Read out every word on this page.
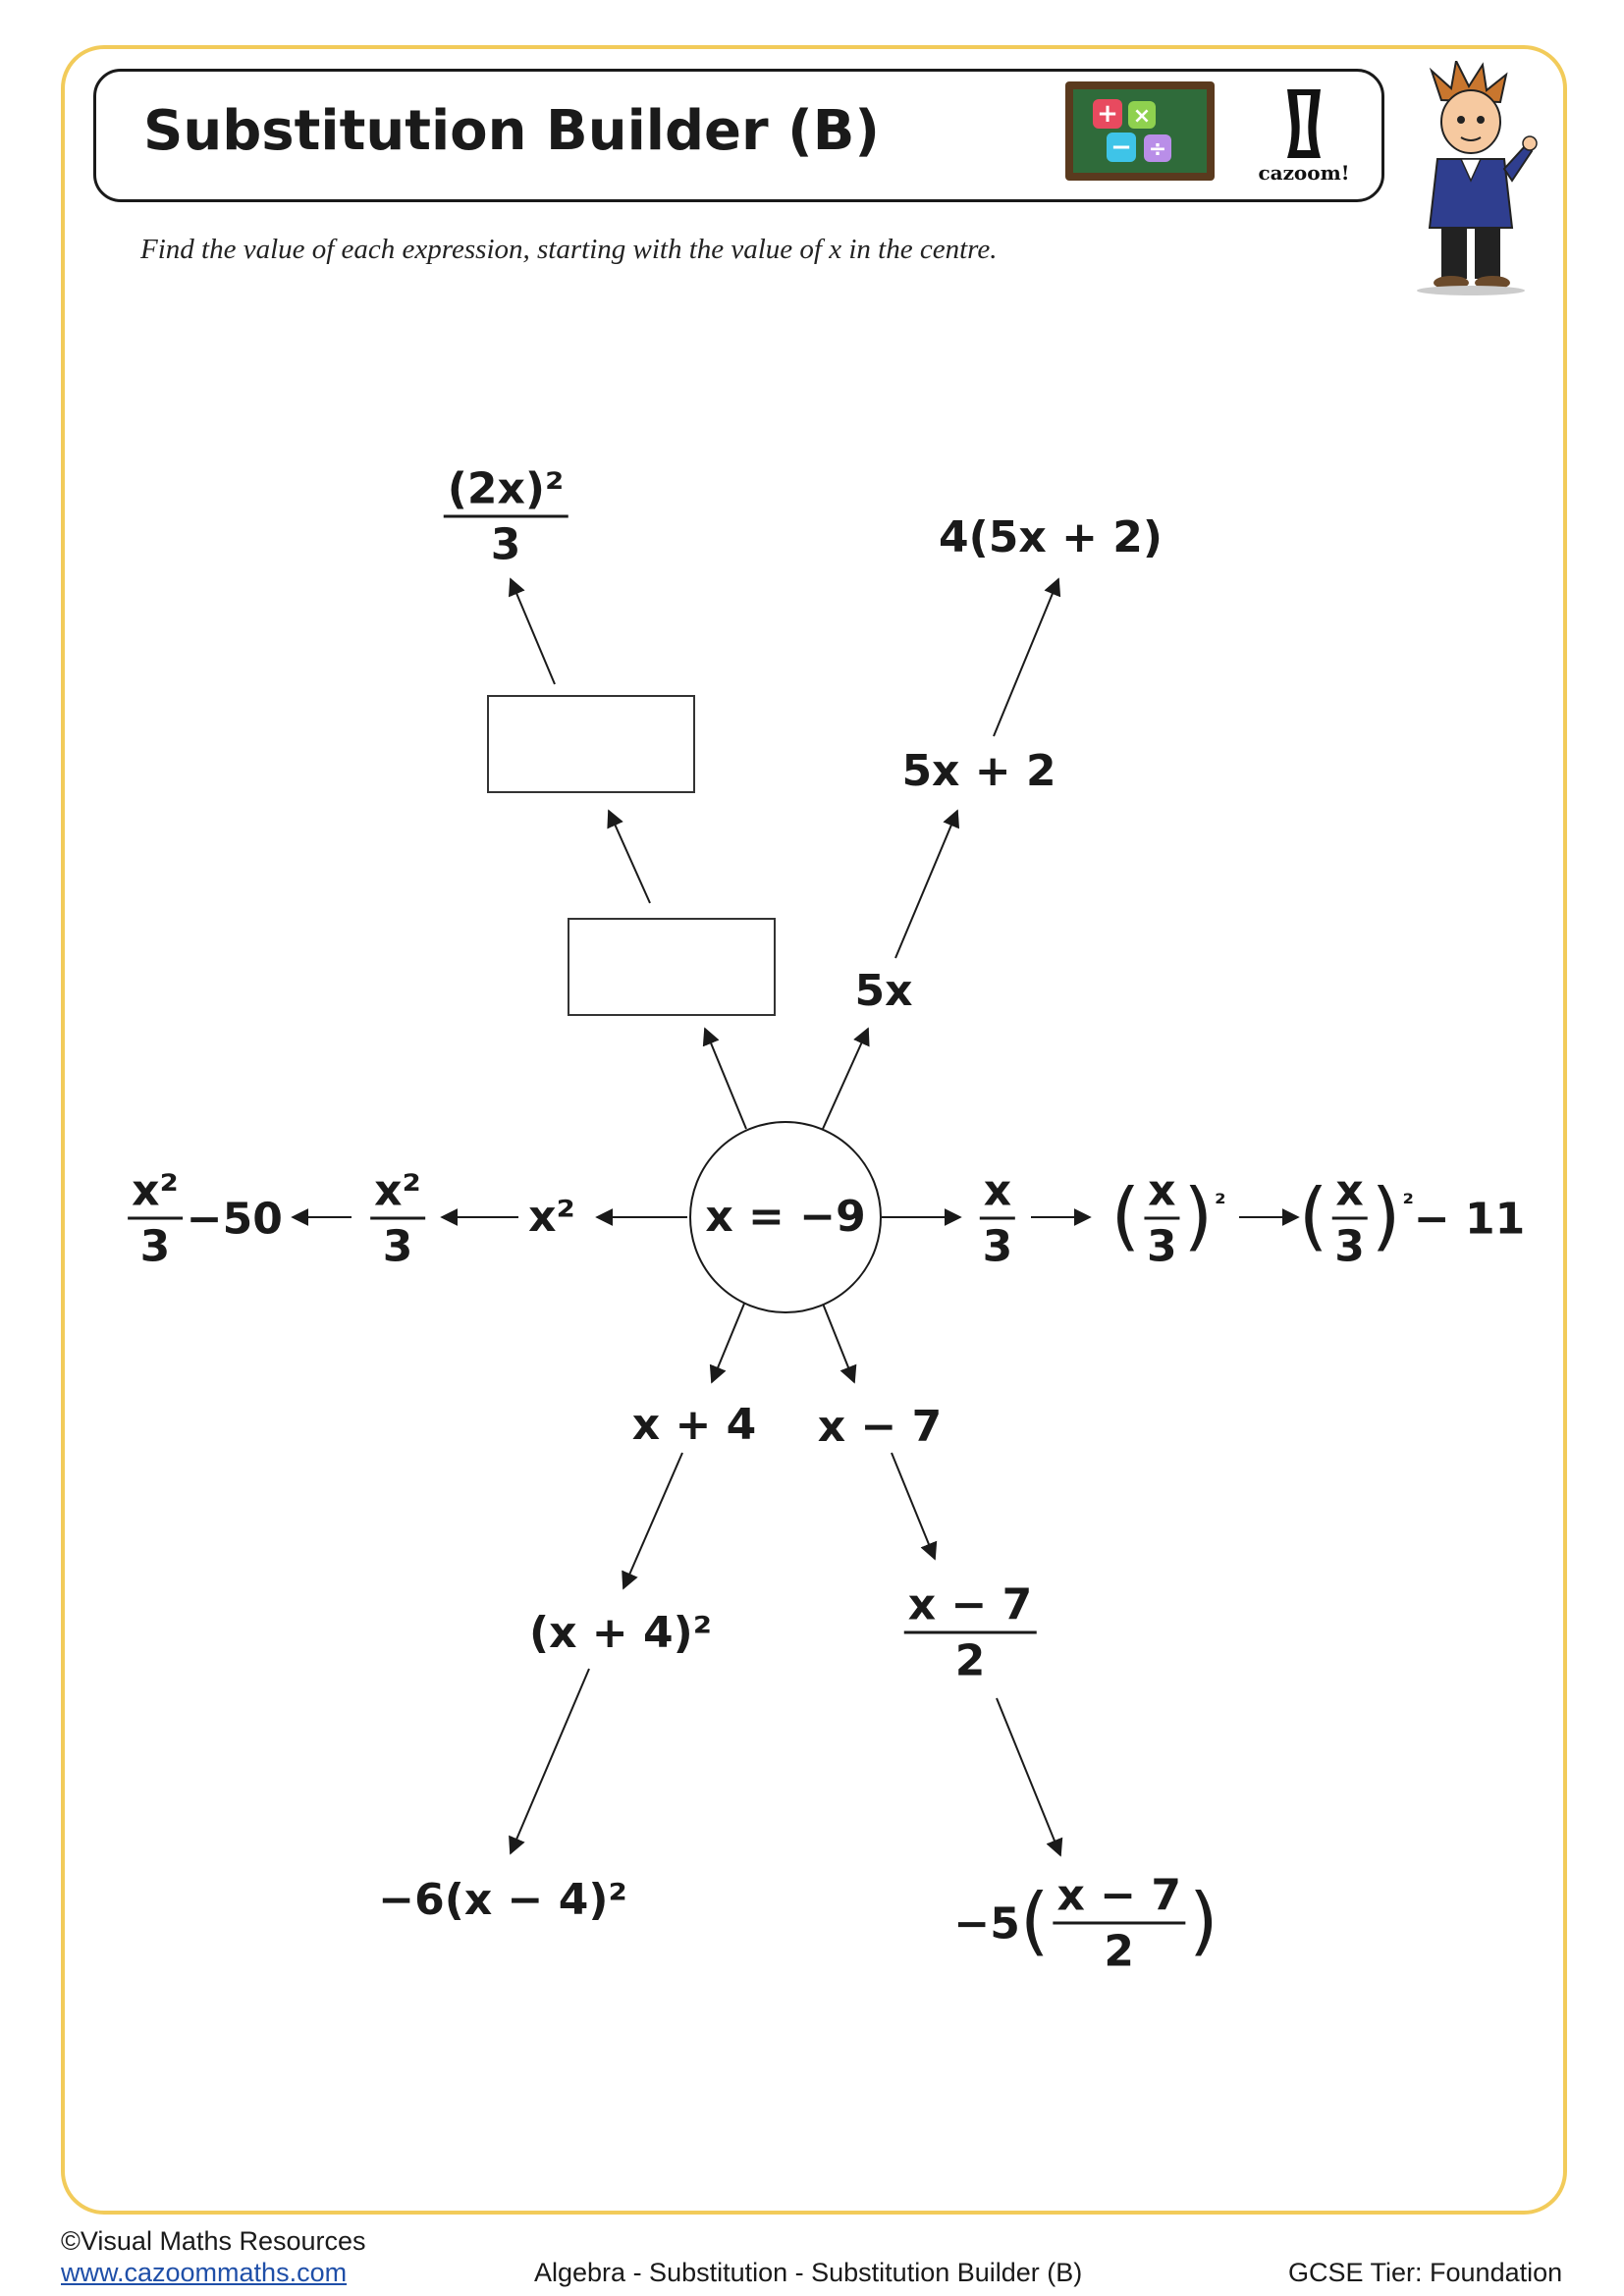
Substitution Builder (B)	+ ×
− ÷
cazoom!
Find the value of each expression, starting with the value of x in the centre.
x = −9
$\frac{\text{(2x)²}}{3}$
5x
5x + 2
4(5x + 2)
x²
$\frac{\text{x²}}{3}$
$\frac{\text{x²}}{3} -50$	$\frac{x}{3}$ ( $\frac{x}{3}$ ) ² ( $\frac{x}{3}$ ) ² − 11
x + 4
(x + 4)²
−6(x − 4)²
x − 7
$\frac{x - 7}{2}$
−5 ( $\frac{x - 7}{2}$ )
©Visual Maths Resources
www.cazoommaths.com	Algebra - Substitution - Substitution Builder (B)	GCSE Tier: Foundation
